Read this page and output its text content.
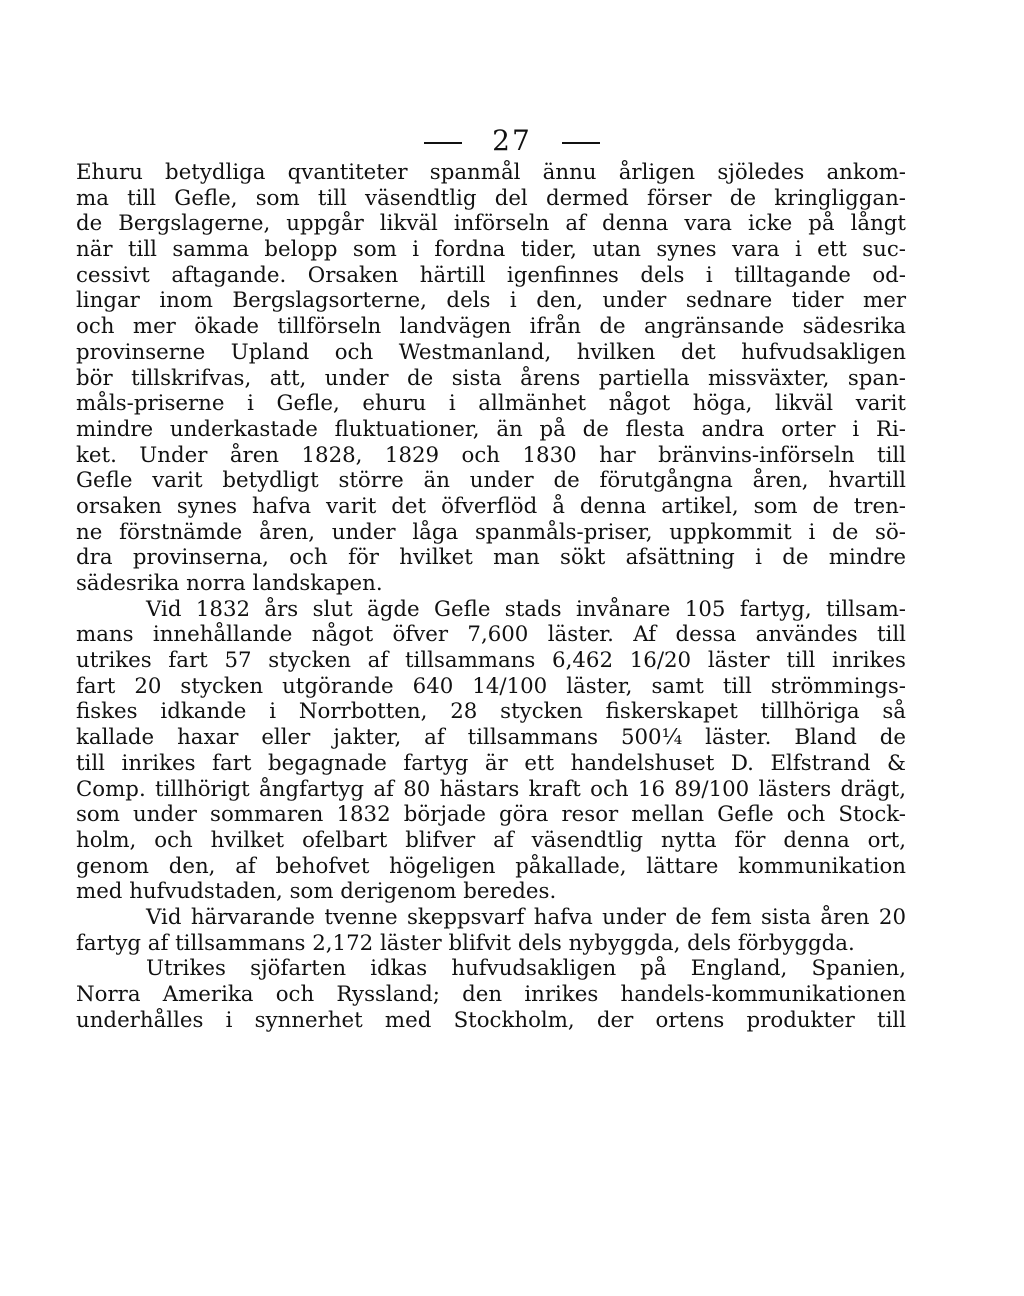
27
Ehuru betydliga qvantiteter spanmål ännu årligen sjöledes ankom-
ma till Gefle, som till väsendtlig del dermed förser de kringliggan-
de Bergslagerne, uppgår likväl införseln af denna vara icke på långt
när till samma belopp som i fordna tider, utan synes vara i ett suc-
cessivt aftagande. Orsaken härtill igenfinnes dels i tilltagande od-
lingar inom Bergslagsorterne, dels i den, under sednare tider mer
och mer ökade tillförseln landvägen ifrån de angränsande sädesrika
provinserne Upland och Westmanland, hvilken det hufvudsakligen
bör tillskrifvas, att, under de sista årens partiella missväxter, span-
måls-priserne i Gefle, ehuru i allmänhet något höga, likväl varit
mindre underkastade fluktuationer, än på de flesta andra orter i Ri-
ket. Under åren 1828, 1829 och 1830 har bränvins-införseln till
Gefle varit betydligt större än under de förutgångna åren, hvartill
orsaken synes hafva varit det öfverflöd å denna artikel, som de tren-
ne förstnämde åren, under låga spanmåls-priser, uppkommit i de sö-
dra provinserna, och för hvilket man sökt afsättning i de mindre
sädesrika norra landskapen.
Vid 1832 års slut ägde Gefle stads invånare 105 fartyg, tillsam-
mans innehållande något öfver 7,600 läster. Af dessa användes till
utrikes fart 57 stycken af tillsammans 6,462 16/20 läster till inrikes
fart 20 stycken utgörande 640 14/100 läster, samt till strömmings-
fiskes idkande i Norrbotten, 28 stycken fiskerskapet tillhöriga så
kallade haxar eller jakter, af tillsammans 500¼ läster. Bland de
till inrikes fart begagnade fartyg är ett handelshuset D. Elfstrand &
Comp. tillhörigt ångfartyg af 80 hästars kraft och 16 89/100 lästers drägt,
som under sommaren 1832 började göra resor mellan Gefle och Stock-
holm, och hvilket ofelbart blifver af väsendtlig nytta för denna ort,
genom den, af behofvet högeligen påkallade, lättare kommunikation
med hufvudstaden, som derigenom beredes.
Vid härvarande tvenne skeppsvarf hafva under de fem sista åren 20
fartyg af tillsammans 2,172 läster blifvit dels nybyggda, dels förbyggda.
Utrikes sjöfarten idkas hufvudsakligen på England, Spanien,
Norra Amerika och Ryssland; den inrikes handels-kommunikationen
underhålles i synnerhet med Stockholm, der ortens produkter till
